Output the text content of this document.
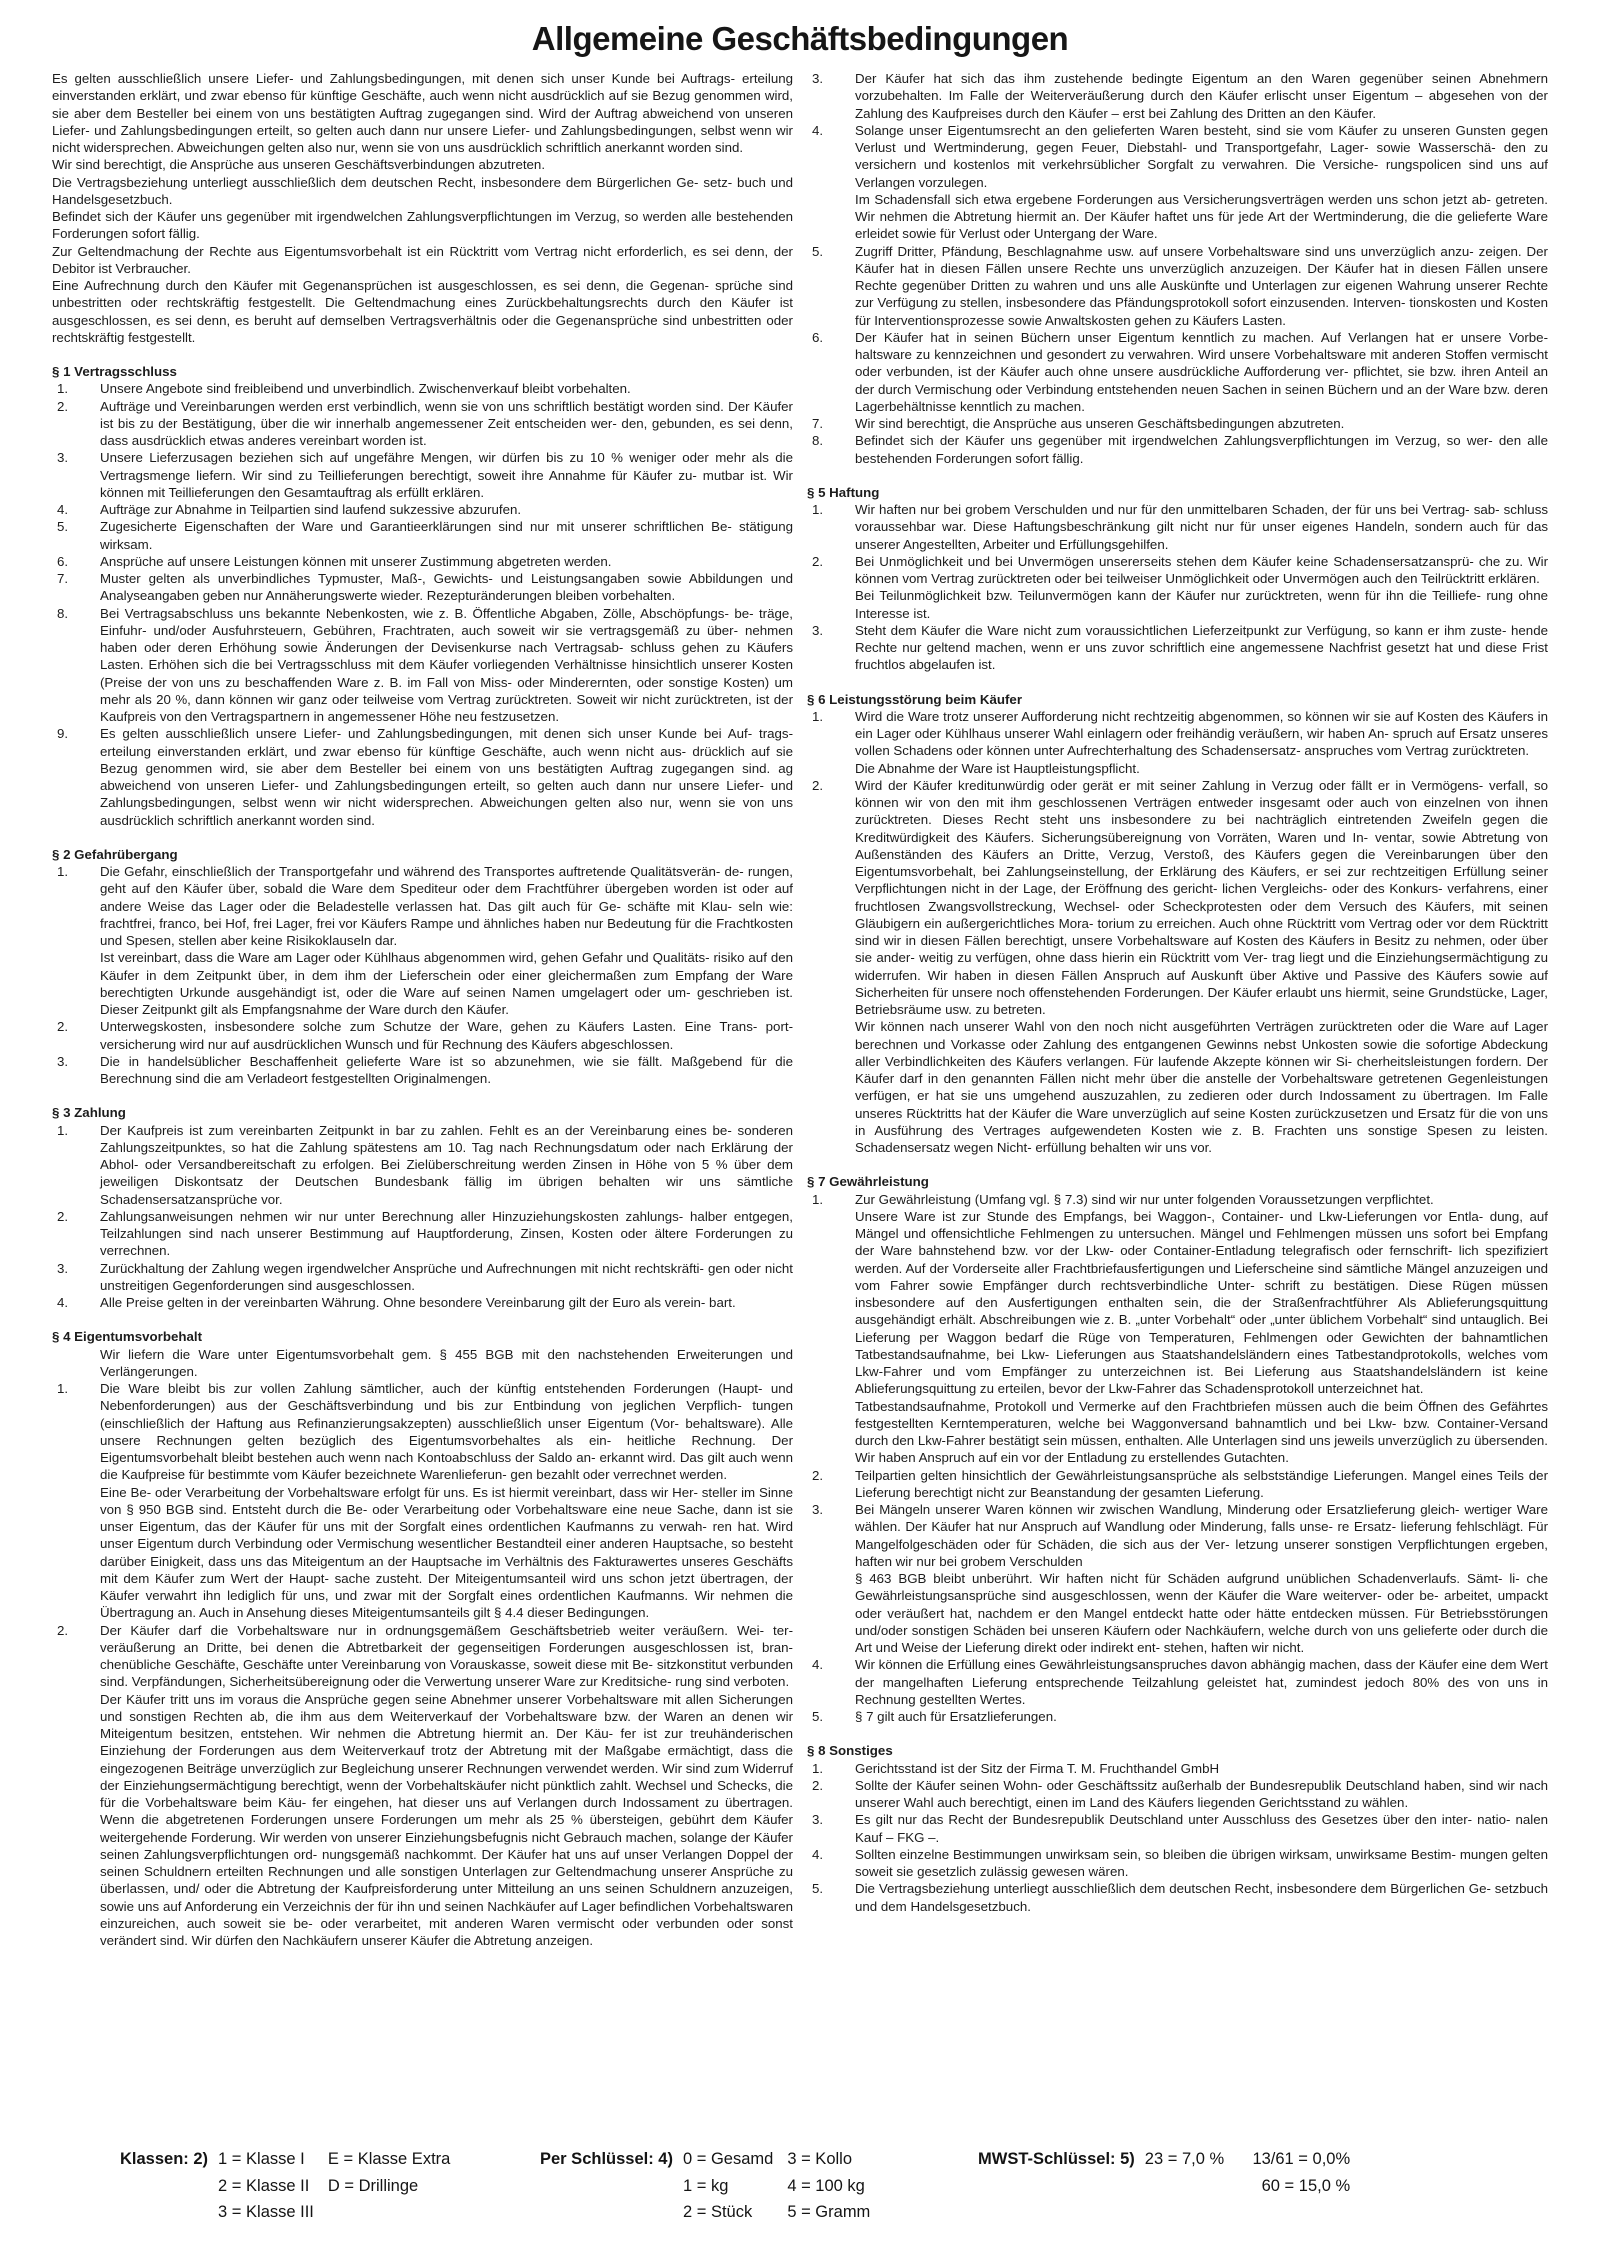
Allgemeine Geschäftsbedingungen
Es gelten ausschließlich unsere Liefer- und Zahlungsbedingungen, mit denen sich unser Kunde bei Auftrags- erteilung einverstanden erklärt, und zwar ebenso für künftige Geschäfte, auch wenn nicht ausdrücklich auf sie Bezug genommen wird, sie aber dem Besteller bei einem von uns bestätigten Auftrag zugegangen sind. Wird der Auftrag abweichend von unseren Liefer- und Zahlungsbedingungen erteilt, so gelten auch dann nur unsere Liefer- und Zahlungsbedingungen, selbst wenn wir nicht widersprechen. Abweichungen gelten also nur, wenn sie von uns ausdrücklich schriftlich anerkannt worden sind.
Wir sind berechtigt, die Ansprüche aus unseren Geschäftsverbindungen abzutreten.
Die Vertragsbeziehung unterliegt ausschließlich dem deutschen Recht, insbesondere dem Bürgerlichen Ge- setz- buch und Handelsgesetzbuch.
Befindet sich der Käufer uns gegenüber mit irgendwelchen Zahlungsverpflichtungen im Verzug, so werden alle bestehenden Forderungen sofort fällig.
Zur Geltendmachung der Rechte aus Eigentumsvorbehalt ist ein Rücktritt vom Vertrag nicht erforderlich, es sei denn, der Debitor ist Verbraucher.
Eine Aufrechnung durch den Käufer mit Gegenansprüchen ist ausgeschlossen, es sei denn, die Gegenan- sprüche sind unbestritten oder rechtskräftig festgestellt. Die Geltendmachung eines Zurückbehaltungsrechts durch den Käufer ist ausgeschlossen, es sei denn, es beruht auf demselben Vertragsverhältnis oder die Gegenansprüche sind unbestritten oder rechtskräftig festgestellt.
§ 1 Vertragsschluss
1. Unsere Angebote sind freibleibend und unverbindlich. Zwischenverkauf bleibt vorbehalten.
2. Aufträge und Vereinbarungen werden erst verbindlich, wenn sie von uns schriftlich bestätigt worden sind. Der Käufer ist bis zu der Bestätigung, über die wir innerhalb angemessener Zeit entscheiden wer- den, gebunden, es sei denn, dass ausdrücklich etwas anderes vereinbart worden ist.
3. Unsere Lieferzusagen beziehen sich auf ungefähre Mengen, wir dürfen bis zu 10 % weniger oder mehr als die Vertragsmenge liefern. Wir sind zu Teillieferungen berechtigt, soweit ihre Annahme für Käufer zu- mutbar ist. Wir können mit Teillieferungen den Gesamtauftrag als erfüllt erklären.
4. Aufträge zur Abnahme in Teilpartien sind laufend sukzessive abzurufen.
5. Zugesicherte Eigenschaften der Ware und Garantieerklärungen sind nur mit unserer schriftlichen Be- stätigung wirksam.
6. Ansprüche auf unsere Leistungen können mit unserer Zustimmung abgetreten werden.
7. Muster gelten als unverbindliches Typmuster, Maß-, Gewichts- und Leistungsangaben sowie Abbildungen und Analyseangaben geben nur Annäherungswerte wieder. Rezepturänderungen bleiben vorbehalten.
8. Bei Vertragsabschluss uns bekannte Nebenkosten, wie z. B. Öffentliche Abgaben, Zölle, Abschöpfungs- be- träge, Einfuhr- und/oder Ausfuhrsteuern, Gebühren, Frachtraten, auch soweit wir sie vertragsgemäß zu über- nehmen haben oder deren Erhöhung sowie Änderungen der Devisenkurse nach Vertragsab- schluss gehen zu Käufers Lasten. Erhöhen sich die bei Vertragsschluss mit dem Käufer vorliegenden Verhältnisse hinsichtlich unserer Kosten (Preise der von uns zu beschaffenden Ware z. B. im Fall von Miss- oder Minderernten, oder sonstige Kosten) um mehr als 20 %, dann können wir ganz oder teilweise vom Vertrag zurücktreten. Soweit wir nicht zurücktreten, ist der Kaufpreis von den Vertragspartnern in angemessener Höhe neu festzusetzen.
9. Es gelten ausschließlich unsere Liefer- und Zahlungsbedingungen, mit denen sich unser Kunde bei Auf- trags- erteilung einverstanden erklärt, und zwar ebenso für künftige Geschäfte, auch wenn nicht aus- drücklich auf sie Bezug genommen wird, sie aber dem Besteller bei einem von uns bestätigten Auftrag zugegangen sind. ag abweichend von unseren Liefer- und Zahlungsbedingungen erteilt, so gelten auch dann nur unsere Liefer- und Zahlungsbedingungen, selbst wenn wir nicht widersprechen. Abweichungen gelten also nur, wenn sie von uns ausdrücklich schriftlich anerkannt worden sind.
§ 2 Gefahrübergang
1. Die Gefahr, einschließlich der Transportgefahr und während des Transportes auftretende Qualitätsverän- de- rungen, geht auf den Käufer über, sobald die Ware dem Spediteur oder dem Frachtführer übergeben worden ist oder auf andere Weise das Lager oder die Beladestelle verlassen hat. Das gilt auch für Ge- schäfte mit Klau- seln wie: frachtfrei, franco, bei Hof, frei Lager, frei vor Käufers Rampe und ähnliches haben nur Bedeutung für die Frachtkosten und Spesen, stellen aber keine Risikoklauseln dar.
Ist vereinbart, dass die Ware am Lager oder Kühlhaus abgenommen wird, gehen Gefahr und Qualitäts- risiko auf den Käufer in dem Zeitpunkt über, in dem ihm der Lieferschein oder einer gleichermaßen zum Empfang der Ware berechtigten Urkunde ausgehändigt ist, oder die Ware auf seinen Namen umgelagert oder um- geschrieben ist. Dieser Zeitpunkt gilt als Empfangsnahme der Ware durch den Käufer.
2. Unterwegskosten, insbesondere solche zum Schutze der Ware, gehen zu Käufers Lasten. Eine Trans- port- versicherung wird nur auf ausdrücklichen Wunsch und für Rechnung des Käufers abgeschlossen.
3. Die in handelsüblicher Beschaffenheit gelieferte Ware ist so abzunehmen, wie sie fällt. Maßgebend für die Berechnung sind die am Verladeort festgestellten Originalmengen.
§ 3 Zahlung
1. Der Kaufpreis ist zum vereinbarten Zeitpunkt in bar zu zahlen. Fehlt es an der Vereinbarung eines be- sonderen Zahlungszeitpunktes, so hat die Zahlung spätestens am 10. Tag nach Rechnungsdatum oder nach Erklärung der Abhol- oder Versandbereitschaft zu erfolgen. Bei Zielüberschreitung werden Zinsen in Höhe von 5 % über dem jeweiligen Diskontsatz der Deutschen Bundesbank fällig im übrigen behalten wir uns sämtliche Schadensersatzansprüche vor.
2. Zahlungsanweisungen nehmen wir nur unter Berechnung aller Hinzuziehungskosten zahlungs- halber entgegen, Teilzahlungen sind nach unserer Bestimmung auf Hauptforderung, Zinsen, Kosten oder ältere Forderungen zu verrechnen.
3. Zurückhaltung der Zahlung wegen irgendwelcher Ansprüche und Aufrechnungen mit nicht rechtskräfti- gen oder nicht unstreitigen Gegenforderungen sind ausgeschlossen.
4. Alle Preise gelten in der vereinbarten Währung. Ohne besondere Vereinbarung gilt der Euro als verein- bart.
§ 4 Eigentumsvorbehalt
Wir liefern die Ware unter Eigentumsvorbehalt gem. § 455 BGB mit den nachstehenden Erweiterungen und Verlängerungen.
1. Die Ware bleibt bis zur vollen Zahlung sämtlicher, auch der künftig entstehenden Forderungen (Haupt- und Nebenforderungen) aus der Geschäftsverbindung und bis zur Entbindung von jeglichen Verpflich- tungen (einschließlich der Haftung aus Refinanzierungsakzepten) ausschließlich unser Eigentum (Vor- behaltsware). Alle unsere Rechnungen gelten bezüglich des Eigentumsvorbehaltes als ein- heitliche Rechnung. Der Eigentumsvorbehalt bleibt bestehen auch wenn nach Kontoabschluss der Saldo an- erkannt wird. Das gilt auch wenn die Kaufpreise für bestimmte vom Käufer bezeichnete Warenlieferun- gen bezahlt oder verrechnet werden.
Eine Be- oder Verarbeitung der Vorbehaltsware erfolgt für uns. Es ist hiermit vereinbart, dass wir Her- steller im Sinne von § 950 BGB sind. Entsteht durch die Be- oder Verarbeitung oder Vorbehaltsware eine neue Sache, dann ist sie unser Eigentum, das der Käufer für uns mit der Sorgfalt eines ordentlichen Kaufmanns zu verwah- ren hat. Wird unser Eigentum durch Verbindung oder Vermischung wesentlicher Bestandteil einer anderen Hauptsache, so besteht darüber Einigkeit, dass uns das Miteigentum an der Hauptsache im Verhältnis des Fakturawertes unseres Geschäfts mit dem Käufer zum Wert der Haupt- sache zusteht. Der Miteigentumsanteil wird uns schon jetzt übertragen, der Käufer verwahrt ihn lediglich für uns, und zwar mit der Sorgfalt eines ordentlichen Kaufmanns. Wir nehmen die Übertragung an. Auch in Ansehung dieses Miteigentumsanteils gilt § 4.4 dieser Bedingungen.
2. Der Käufer darf die Vorbehaltsware nur in ordnungsgemäßem Geschäftsbetrieb weiter veräußern. Wei- ter- veräußerung an Dritte, bei denen die Abtretbarkeit der gegenseitigen Forderungen ausgeschlossen ist, bran- chenübliche Geschäfte, Geschäfte unter Vereinbarung von Vorauskasse, soweit diese mit Be- sitzkonstitut verbunden sind. Verpfändungen, Sicherheitsübereignung oder die Verwertung unserer Ware zur Kreditsiche- rung sind verboten.
Der Käufer tritt uns im voraus die Ansprüche gegen seine Abnehmer unserer Vorbehaltsware mit allen Sicherungen und sonstigen Rechten ab, die ihm aus dem Weiterverkauf der Vorbehaltsware bzw. der Waren an denen wir Miteigentum besitzen, entstehen. Wir nehmen die Abtretung hiermit an. Der Käu- fer ist zur treuhänderischen Einziehung der Forderungen aus dem Weiterverkauf trotz der Abtretung mit der Maßgabe ermächtigt, dass die eingezogenen Beiträge unverzüglich zur Begleichung unserer Rechnungen verwendet werden. Wir sind zum Widerruf der Einziehungsermächtigung berechtigt, wenn der Vorbehaltskäufer nicht pünktlich zahlt. Wechsel und Schecks, die für die Vorbehaltsware beim Käu- fer eingehen, hat dieser uns auf Verlangen durch Indossament zu übertragen. Wenn die abgetretenen Forderungen unsere Forderungen um mehr als 25 % übersteigen, gebührt dem Käufer weitergehende Forderung. Wir werden von unserer Einziehungsbefugnis nicht Gebrauch machen, solange der Käufer seinen Zahlungsverpflichtungen ord- nungsgemäß nachkommt. Der Käufer hat uns auf unser Verlangen Doppel der seinen Schuldnern erteilten Rechnungen und alle sonstigen Unterlagen zur Geltendmachung unserer Ansprüche zu überlassen, und/ oder die Abtretung der Kaufpreisforderung unter Mitteilung an uns seinen Schuldnern anzuzeigen, sowie uns auf Anforderung ein Verzeichnis der für ihn und seinen Nachkäufer auf Lager befindlichen Vorbehaltswaren einzureichen, auch soweit sie be- oder verarbeitet, mit anderen Waren vermischt oder verbunden oder sonst verändert sind. Wir dürfen den Nachkäufern unserer Käufer die Abtretung anzeigen.
3. Der Käufer hat sich das ihm zustehende bedingte Eigentum an den Waren gegenüber seinen Abnehmern vorzubehalten. Im Falle der Weiterveräußerung durch den Käufer erlischt unser Eigentum – abgesehen von der Zahlung des Kaufpreises durch den Käufer – erst bei Zahlung des Dritten an den Käufer.
4. Solange unser Eigentumsrecht an den gelieferten Waren besteht, sind sie vom Käufer zu unseren Gunsten gegen Verlust und Wertminderung, gegen Feuer, Diebstahl- und Transportgefahr, Lager- sowie Wasserschä- den zu versichern und kostenlos mit verkehrsüblicher Sorgfalt zu verwahren. Die Versiche- rungspolicen sind uns auf Verlangen vorzulegen.
Im Schadensfall sich etwa ergebene Forderungen aus Versicherungsverträgen werden uns schon jetzt ab- getreten. Wir nehmen die Abtretung hiermit an. Der Käufer haftet uns für jede Art der Wertminderung, die die gelieferte Ware erleidet sowie für Verlust oder Untergang der Ware.
5. Zugriff Dritter, Pfändung, Beschlagnahme usw. auf unsere Vorbehaltsware sind uns unverzüglich anzu- zeigen. Der Käufer hat in diesen Fällen unsere Rechte uns unverzüglich anzuzeigen. Der Käufer hat in diesen Fällen unsere Rechte gegenüber Dritten zu wahren und uns alle Auskünfte und Unterlagen zur eigenen Wahrung unserer Rechte zur Verfügung zu stellen, insbesondere das Pfändungsprotokoll sofort einzusenden. Interven- tionskosten und Kosten für Interventionsprozesse sowie Anwaltskosten gehen zu Käufers Lasten.
6. Der Käufer hat in seinen Büchern unser Eigentum kenntlich zu machen. Auf Verlangen hat er unsere Vorbe- haltsware zu kennzeichnen und gesondert zu verwahren. Wird unsere Vorbehaltsware mit anderen Stoffen vermischt oder verbunden, ist der Käufer auch ohne unsere ausdrückliche Aufforderung ver- pflichtet, sie bzw. ihren Anteil an der durch Vermischung oder Verbindung entstehenden neuen Sachen in seinen Büchern und an der Ware bzw. deren Lagerbehältnisse kenntlich zu machen.
7. Wir sind berechtigt, die Ansprüche aus unseren Geschäftsbedingungen abzutreten.
8. Befindet sich der Käufer uns gegenüber mit irgendwelchen Zahlungsverpflichtungen im Verzug, so wer- den alle bestehenden Forderungen sofort fällig.
§ 5 Haftung
1. Wir haften nur bei grobem Verschulden und nur für den unmittelbaren Schaden, der für uns bei Vertrag- sab- schluss voraussehbar war. Diese Haftungsbeschränkung gilt nicht nur für unser eigenes Handeln, sondern auch für das unserer Angestellten, Arbeiter und Erfüllungsgehilfen.
2. Bei Unmöglichkeit und bei Unvermögen unsererseits stehen dem Käufer keine Schadensersatzansprü- che zu. Wir können vom Vertrag zurücktreten oder bei teilweiser Unmöglichkeit oder Unvermögen auch den Teilrücktritt erklären.
Bei Teilunmöglichkeit bzw. Teilunvermögen kann der Käufer nur zurücktreten, wenn für ihn die Teilliefe- rung ohne Interesse ist.
3. Steht dem Käufer die Ware nicht zum voraussichtlichen Lieferzeitpunkt zur Verfügung, so kann er ihm zuste- hende Rechte nur geltend machen, wenn er uns zuvor schriftlich eine angemessene Nachfrist gesetzt hat und diese Frist fruchtlos abgelaufen ist.
§ 6 Leistungsstörung beim Käufer
1. Wird die Ware trotz unserer Aufforderung nicht rechtzeitig abgenommen, so können wir sie auf Kosten des Käufers in ein Lager oder Kühlhaus unserer Wahl einlagern oder freihändig veräußern, wir haben An- spruch auf Ersatz unseres vollen Schadens oder können unter Aufrechterhaltung des Schadensersatz- anspruches vom Vertrag zurücktreten.
Die Abnahme der Ware ist Hauptleistungspflicht.
2. Wird der Käufer kreditunwürdig oder gerät er mit seiner Zahlung in Verzug oder fällt er in Vermögens- verfall, so können wir von den mit ihm geschlossenen Verträgen entweder insgesamt oder auch von einzelnen von ihnen zurücktreten. Dieses Recht steht uns insbesondere zu bei nachträglich eintretenden Zweifeln gegen die Kreditwürdigkeit des Käufers. Sicherungsübereignung von Vorräten, Waren und In- ventar, sowie Abtretung von Außenständen des Käufers an Dritte, Verzug, Verstoß, des Käufers gegen die Vereinbarungen über den Eigentumsvorbehalt, bei Zahlungseinstellung, der Erklärung des Käufers, er sei zur rechtzeitigen Erfüllung seiner Verpflichtungen nicht in der Lage, der Eröffnung des gericht- lichen Vergleichs- oder des Konkurs- verfahrens, einer fruchtlosen Zwangsvollstreckung, Wechsel- oder Scheckprotesten oder dem Versuch des Käufers, mit seinen Gläubigern ein außergerichtliches Mora- torium zu erreichen. Auch ohne Rücktritt vom Vertrag oder vor dem Rücktritt sind wir in diesen Fällen berechtigt, unsere Vorbehaltsware auf Kosten des Käufers in Besitz zu nehmen, oder über sie ander- weitig zu verfügen, ohne dass hierin ein Rücktritt vom Ver- trag liegt und die Einziehungsermächtigung zu widerrufen. Wir haben in diesen Fällen Anspruch auf Auskunft über Aktive und Passive des Käufers sowie auf Sicherheiten für unsere noch offenstehenden Forderungen. Der Käufer erlaubt uns hiermit, seine Grundstücke, Lager, Betriebsräume usw. zu betreten.
Wir können nach unserer Wahl von den noch nicht ausgeführten Verträgen zurücktreten oder die Ware auf Lager berechnen und Vorkasse oder Zahlung des entgangenen Gewinns nebst Unkosten sowie die sofortige Abdeckung aller Verbindlichkeiten des Käufers verlangen. Für laufende Akzepte können wir Si- cherheitsleistungen fordern. Der Käufer darf in den genannten Fällen nicht mehr über die anstelle der Vorbehaltsware getretenen Gegenleistungen verfügen, er hat sie uns umgehend auszuzahlen, zu zedieren oder durch Indossament zu übertragen. Im Falle unseres Rücktritts hat der Käufer die Ware unverzüglich auf seine Kosten zurückzusetzen und Ersatz für die von uns in Ausführung des Vertrages aufgewendeten Kosten wie z. B. Frachten uns sonstige Spesen zu leisten. Schadensersatz wegen Nicht- erfüllung behalten wir uns vor.
§ 7 Gewährleistung
1. Zur Gewährleistung (Umfang vgl. § 7.3) sind wir nur unter folgenden Voraussetzungen verpflichtet.
Unsere Ware ist zur Stunde des Empfangs, bei Waggon-, Container- und Lkw-Lieferungen vor Entla- dung, auf Mängel und offensichtliche Fehlmengen zu untersuchen. Mängel und Fehlmengen müssen uns sofort bei Empfang der Ware bahnstehend bzw. vor der Lkw- oder Container-Entladung telegrafisch oder fernschrift- lich spezifiziert werden. Auf der Vorderseite aller Frachtbriefausfertigungen und Lieferscheine sind sämtliche Mängel anzuzeigen und vom Fahrer sowie Empfänger durch rechtsverbindliche Unter- schrift zu bestätigen. Diese Rügen müssen insbesondere auf den Ausfertigungen enthalten sein, die der Straßenfrachtführer Als Ablieferungsquittung ausgehändigt erhält. Abschreibungen wie z. B. „unter Vorbehalt“ oder „unter üblichem Vorbehalt“ sind untauglich. Bei Lieferung per Waggon bedarf die Rüge von Temperaturen, Fehlmengen oder Gewichten der bahnamtlichen Tatbestandsaufnahme, bei Lkw- Lieferungen aus Staatshandelsländern eines Tatbestandprotokolls, welches vom Lkw-Fahrer und vom Empfänger zu unterzeichnen ist. Bei Lieferung aus Staatshandelsländern ist keine Ablieferungsquittung zu erteilen, bevor der Lkw-Fahrer das Schadensprotokoll unterzeichnet hat.
Tatbestandsaufnahme, Protokoll und Vermerke auf den Frachtbriefen müssen auch die beim Öffnen des Gefährtes festgestellten Kerntemperaturen, welche bei Waggonversand bahnamtlich und bei Lkw- bzw. Container-Versand durch den Lkw-Fahrer bestätigt sein müssen, enthalten. Alle Unterlagen sind uns jeweils unverzüglich zu übersenden. Wir haben Anspruch auf ein vor der Entladung zu erstellendes Gutachten.
2. Teilpartien gelten hinsichtlich der Gewährleistungsansprüche als selbstständige Lieferungen. Mangel eines Teils der Lieferung berechtigt nicht zur Beanstandung der gesamten Lieferung.
3. Bei Mängeln unserer Waren können wir zwischen Wandlung, Minderung oder Ersatzlieferung gleich- wertiger Ware wählen. Der Käufer hat nur Anspruch auf Wandlung oder Minderung, falls unse- re Ersatz- lieferung fehlschlägt. Für Mangelfolgeschäden oder für Schäden, die sich aus der Ver- letzung unserer sonstigen Verpflichtungen ergeben, haften wir nur bei grobem Verschulden
§ 463 BGB bleibt unberührt. Wir haften nicht für Schäden aufgrund unüblichen Schadenverlaufs. Sämt- li- che Gewährleistungsansprüche sind ausgeschlossen, wenn der Käufer die Ware weiterver- oder be- arbeitet, umpackt oder veräußert hat, nachdem er den Mangel entdeckt hatte oder hätte entdecken müssen. Für Betriebsstörungen und/oder sonstigen Schäden bei unseren Käufern oder Nachkäufern, welche durch von uns gelieferte oder durch die Art und Weise der Lieferung direkt oder indirekt ent- stehen, haften wir nicht.
4. Wir können die Erfüllung eines Gewährleistungsanspruches davon abhängig machen, dass der Käufer eine dem Wert der mangelhaften Lieferung entsprechende Teilzahlung geleistet hat, zumindest jedoch 80% des von uns in Rechnung gestellten Wertes.
5. § 7 gilt auch für Ersatzlieferungen.
§ 8 Sonstiges
1. Gerichtsstand ist der Sitz der Firma T. M. Fruchthandel GmbH
2. Sollte der Käufer seinen Wohn- oder Geschäftssitz außerhalb der Bundesrepublik Deutschland haben, sind wir nach unserer Wahl auch berechtigt, einen im Land des Käufers liegenden Gerichtsstand zu wählen.
3. Es gilt nur das Recht der Bundesrepublik Deutschland unter Ausschluss des Gesetzes über den inter- natio- nalen Kauf – FKG –.
4. Sollten einzelne Bestimmungen unwirksam sein, so bleiben die übrigen wirksam, unwirksame Bestim- mungen gelten soweit sie gesetzlich zulässig gewesen wären.
5. Die Vertragsbeziehung unterliegt ausschließlich dem deutschen Recht, insbesondere dem Bürgerlichen Ge- setzbuch und dem Handelsgesetzbuch.
Klassen: 2) 1 = Klasse I
2 = Klasse II
3 = Klasse III
E = Klasse Extra
D = Drillinge
Per Schlüssel: 4) 0 = Gesamd
1 = kg
2 = Stück
3 = Kollo
4 = 100 kg
5 = Gramm
MWST-Schlüssel: 5) 23 = 7,0 %	13/61 = 0,0%
60 = 15,0 %
